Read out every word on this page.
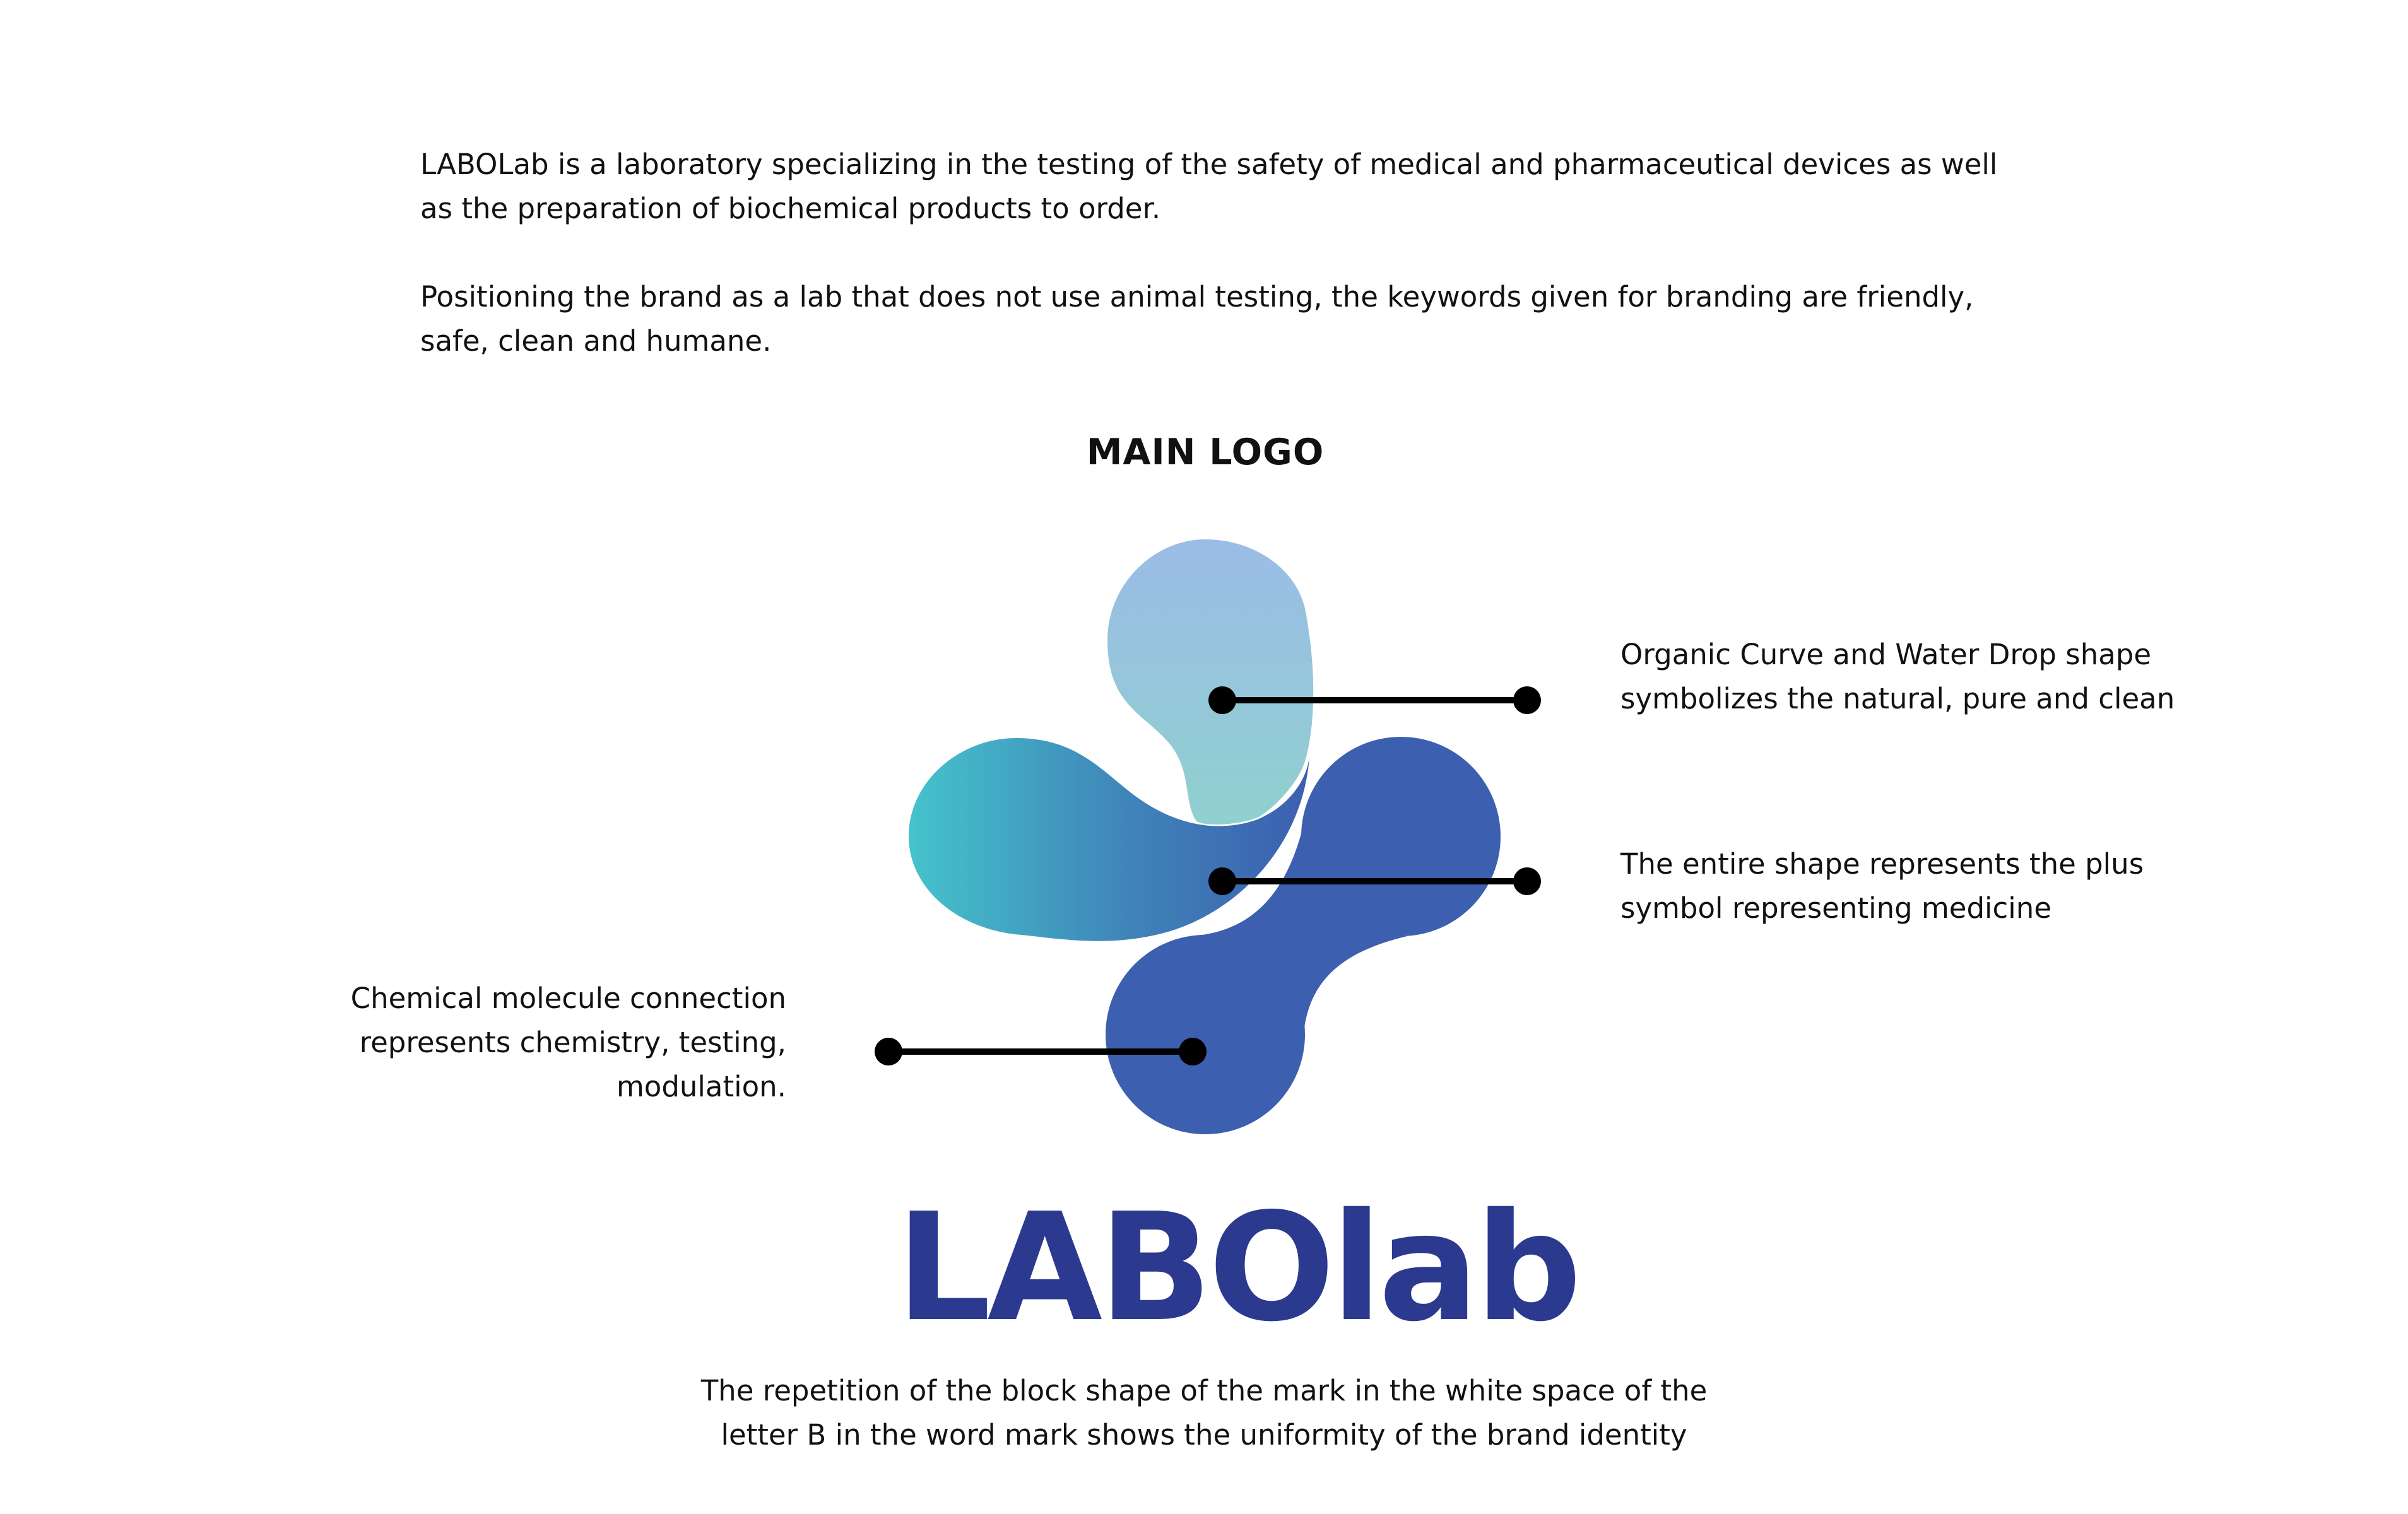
LABOLab is a laboratory specializing in the testing of the safety of medical and pharmaceutical devices as well as the preparation of biochemical products to order.

Positioning the brand as a lab that does not use animal testing, the keywords given for branding are friendly, safe, clean and humane.

MAIN LOGO

Organic Curve and Water Drop shape symbolizes the natural, pure and clean

The entire shape represents the plus symbol representing medicine

Chemical molecule connection represents chemistry, testing, modulation.

LABOlab

The repetition of the block shape of the mark in the white space of the letter B in the word mark shows the uniformity of the brand identity
